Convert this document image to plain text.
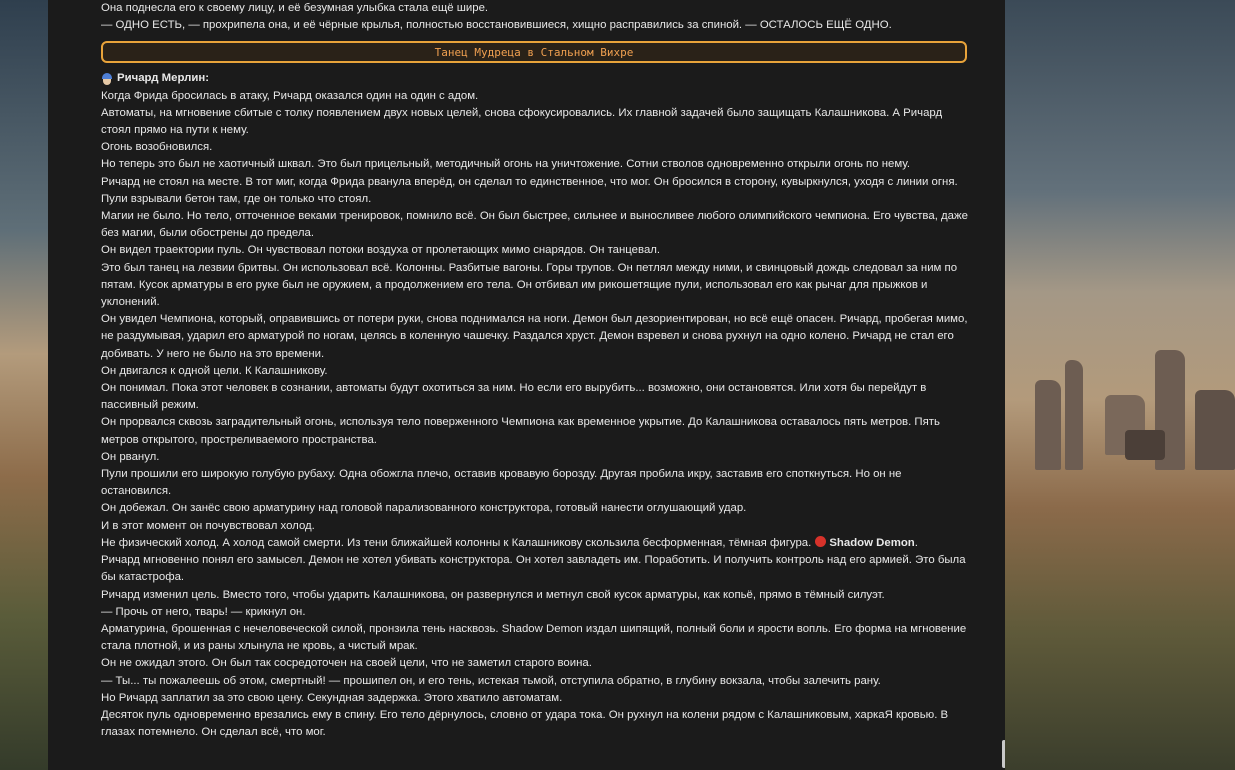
Она поднесла его к своему лицу, и её безумная улыбка стала ещё шире.

— ОДНО ЕСТЬ, — прохрипела она, и её чёрные крылья, полностью восстановившиеся, хищно расправились за спиной. — ОСТАЛОСЬ ЕЩЁ ОДНО.

Танец Мудреца в Стальном Вихре

Ричард Мерлин:

Когда Фрида бросилась в атаку, Ричард оказался один на один с адом.

Автоматы, на мгновение сбитые с толку появлением двух новых целей, снова сфокусировались. Их главной задачей было защищать Калашникова. А Ричард стоял прямо на пути к нему.

Огонь возобновился.

Но теперь это был не хаотичный шквал. Это был прицельный, методичный огонь на уничтожение. Сотни стволов одновременно открыли огонь по нему.

Ричард не стоял на месте. В тот миг, когда Фрида рванула вперёд, он сделал то единственное, что мог. Он бросился в сторону, кувыркнулся, уходя с линии огня. Пули взрывали бетон там, где он только что стоял.

Магии не было. Но тело, отточенное веками тренировок, помнило всё. Он был быстрее, сильнее и выносливее любого олимпийского чемпиона. Его чувства, даже без магии, были обострены до предела.

Он видел траектории пуль. Он чувствовал потоки воздуха от пролетающих мимо снарядов. Он танцевал.

Это был танец на лезвии бритвы. Он использовал всё. Колонны. Разбитые вагоны. Горы трупов. Он петлял между ними, и свинцовый дождь следовал за ним по пятам. Кусок арматуры в его руке был не оружием, а продолжением его тела. Он отбивал им рикошетящие пули, использовал его как рычаг для прыжков и уклонений.

Он увидел Чемпиона, который, оправившись от потери руки, снова поднимался на ноги. Демон был дезориентирован, но всё ещё опасен. Ричард, пробегая мимо, не раздумывая, ударил его арматурой по ногам, целясь в коленную чашечку. Раздался хруст. Демон взревел и снова рухнул на одно колено. Ричард не стал его добивать. У него не было на это времени.

Он двигался к одной цели. К Калашникову.

Он понимал. Пока этот человек в сознании, автоматы будут охотиться за ним. Но если его вырубить... возможно, они остановятся. Или хотя бы перейдут в пассивный режим.

Он прорвался сквозь заградительный огонь, используя тело поверженного Чемпиона как временное укрытие. До Калашникова оставалось пять метров. Пять метров открытого, простреливаемого пространства.

Он рванул.

Пули прошили его широкую голубую рубаху. Одна обожгла плечо, оставив кровавую борозду. Другая пробила икру, заставив его споткнуться. Но он не остановился.

Он добежал. Он занёс свою арматурину над головой парализованного конструктора, готовый нанести оглушающий удар.

И в этот момент он почувствовал холод.

Не физический холод. А холод самой смерти. Из тени ближайшей колонны к Калашникову скользила бесформенная, тёмная фигура. Shadow Demon.

Ричард мгновенно понял его замысел. Демон не хотел убивать конструктора. Он хотел завладеть им. Поработить. И получить контроль над его армией. Это была бы катастрофа.

Ричард изменил цель. Вместо того, чтобы ударить Калашникова, он развернулся и метнул свой кусок арматуры, как копьё, прямо в тёмный силуэт.

— Прочь от него, тварь! — крикнул он.

Арматурина, брошенная с нечеловеческой силой, пронзила тень насквозь. Shadow Demon издал шипящий, полный боли и ярости вопль. Его форма на мгновение стала плотной, и из раны хлынула не кровь, а чистый мрак.

Он не ожидал этого. Он был так сосредоточен на своей цели, что не заметил старого воина.

— Ты... ты пожалеешь об этом, смертный! — прошипел он, и его тень, истекая тьмой, отступила обратно, в глубину вокзала, чтобы залечить рану.

Но Ричард заплатил за это свою цену. Секундная задержка. Этого хватило автоматам.

Десяток пуль одновременно врезались ему в спину. Его тело дёрнулось, словно от удара тока. Он рухнул на колени рядом с Калашниковым, харкаЯ кровью. В глазах потемнело. Он сделал всё, что мог.
